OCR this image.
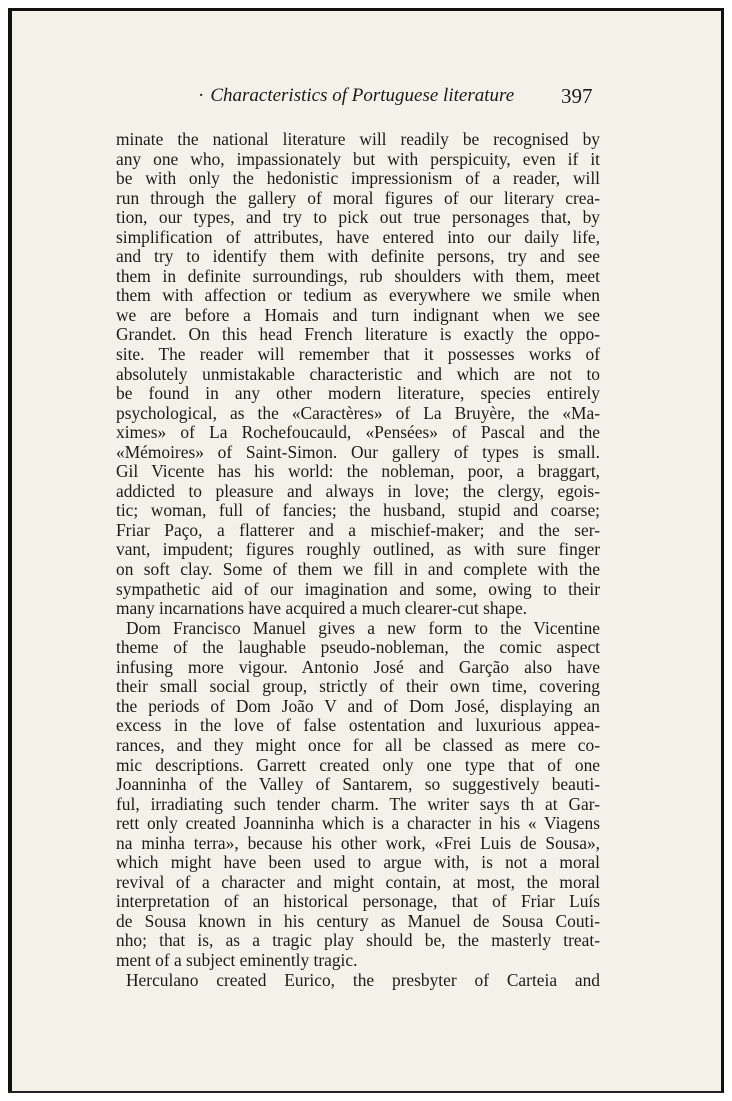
· Characteristics of Portuguese literature	397
minate the national literature will readily be recognised by
any one who, impassionately but with perspicuity, even if it
be with only the hedonistic impressionism of a reader, will
run through the gallery of moral figures of our literary crea-
tion, our types, and try to pick out true personages that, by
simplification of attributes, have entered into our daily life,
and try to identify them with definite persons, try and see
them in definite surroundings, rub shoulders with them, meet
them with affection or tedium as everywhere we smile when
we are before a Homais and turn indignant when we see
Grandet. On this head French literature is exactly the oppo-
site. The reader will remember that it possesses works of
absolutely unmistakable characteristic and which are not to
be found in any other modern literature, species entirely
psychological, as the «Caractères» of La Bruyère, the «Ma-
ximes» of La Rochefoucauld, «Pensées» of Pascal and the
«Mémoires» of Saint-Simon. Our gallery of types is small.
Gil Vicente has his world: the nobleman, poor, a braggart,
addicted to pleasure and always in love; the clergy, egois-
tic; woman, full of fancies; the husband, stupid and coarse;
Friar Paço, a flatterer and a mischief-maker; and the ser-
vant, impudent; figures roughly outlined, as with sure finger
on soft clay. Some of them we fill in and complete with the
sympathetic aid of our imagination and some, owing to their
many incarnations have acquired a much clearer-cut shape.
Dom Francisco Manuel gives a new form to the Vicentine
theme of the laughable pseudo-nobleman, the comic aspect
infusing more vigour. Antonio José and Garção also have
their small social group, strictly of their own time, covering
the periods of Dom João V and of Dom José, displaying an
excess in the love of false ostentation and luxurious appea-
rances, and they might once for all be classed as mere co-
mic descriptions. Garrett created only one type that of one
Joanninha of the Valley of Santarem, so suggestively beauti-
ful, irradiating such tender charm. The writer says th at Gar-
rett only created Joanninha which is a character in his « Viagens
na minha terra», because his other work, «Frei Luis de Sousa»,
which might have been used to argue with, is not a moral
revival of a character and might contain, at most, the moral
interpretation of an historical personage, that of Friar Luís
de Sousa known in his century as Manuel de Sousa Couti-
nho; that is, as a tragic play should be, the masterly treat-
ment of a subject eminently tragic.
Herculano created Eurico, the presbyter of Carteia and
